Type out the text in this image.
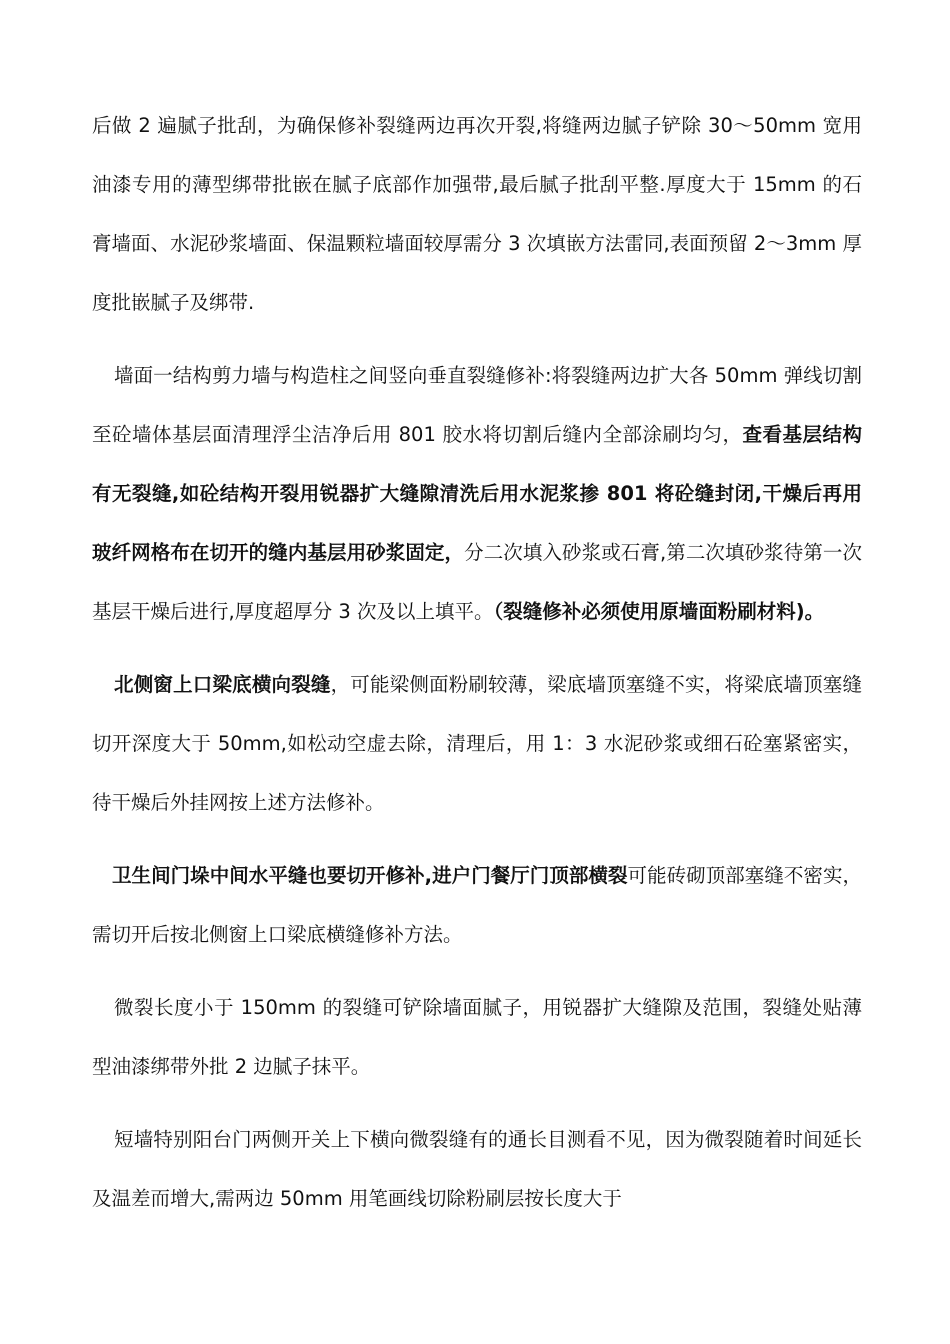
后做 2 遍腻子批刮，为确保修补裂缝两边再次开裂,将缝两边腻子铲除 30～50mm 宽用油漆专用的薄型绑带批嵌在腻子底部作加强带,最后腻子批刮平整.厚度大于 15mm 的石膏墙面、水泥砂浆墙面、保温颗粒墙面较厚需分 3 次填嵌方法雷同,表面预留 2～3mm 厚度批嵌腻子及绑带.

墙面一结构剪力墙与构造柱之间竖向垂直裂缝修补:将裂缝两边扩大各 50mm 弹线切割至砼墙体基层面清理浮尘洁净后用 801 胶水将切割后缝内全部涂刷均匀，查看基层结构有无裂缝,如砼结构开裂用锐器扩大缝隙清洗后用水泥浆掺 801 将砼缝封闭,干燥后再用玻纤网格布在切开的缝内基层用砂浆固定，分二次填入砂浆或石膏,第二次填砂浆待第一次基层干燥后进行,厚度超厚分 3 次及以上填平。（裂缝修补必须使用原墙面粉刷材料)。

北侧窗上口梁底横向裂缝，可能梁侧面粉刷较薄，梁底墙顶塞缝不实，将梁底墙顶塞缝切开深度大于 50mm,如松动空虚去除，清理后，用 1：3 水泥砂浆或细石砼塞紧密实，待干燥后外挂网按上述方法修补。

卫生间门垛中间水平缝也要切开修补,进户门餐厅门顶部横裂可能砖砌顶部塞缝不密实，需切开后按北侧窗上口梁底横缝修补方法。

微裂长度小于 150mm 的裂缝可铲除墙面腻子，用锐器扩大缝隙及范围，裂缝处贴薄型油漆绑带外批 2 边腻子抹平。

短墙特别阳台门两侧开关上下横向微裂缝有的通长目测看不见，因为微裂随着时间延长及温差而增大,需两边 50mm 用笔画线切除粉刷层按长度大于
